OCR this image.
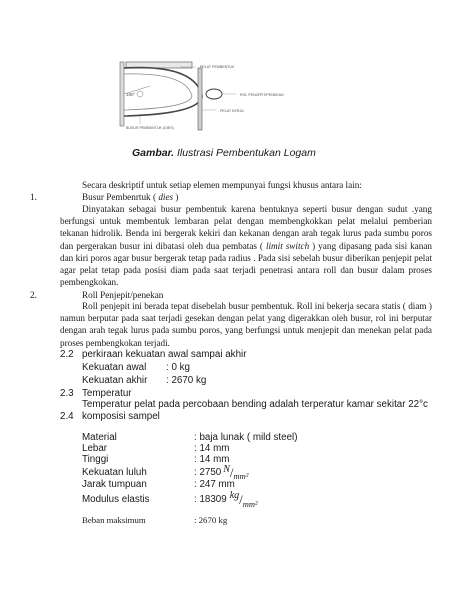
PELAT PEMBENTUK
ROL PENJEPIT/PENEKAN
PELAT KERJA
BUSUR PEMBENTUK (DIES)
180°
Gambar. Ilustrasi Pembentukan Logam
Secara deskriptif untuk setiap elemen mempunyai fungsi khusus antara lain:
1.	Busur Pembenrtuk ( dies )
Dinyatakan sebagai busur pembentuk karena bentuknya seperti busur dengan sudut .yang berfungsi untuk membentuk lembaran pelat dengan membengkokkan pelat melalui pemberian tekanan hidrolik. Benda ini bergerak kekiri dan kekanan dengan arah tegak lurus pada sumbu poros dan pergerakan busur ini dibatasi oleh dua pembatas ( limit switch ) yang dipasang pada sisi kanan dan kiri poros agar busur bergerak tetap pada radius . Pada sisi sebelah busur diberikan penjepit pelat agar pelat tetap pada posisi diam pada saat terjadi penetrasi antara roll dan busur dalam proses pembengkokan.
2.	Roll Penjepit/penekan
Roll penjepit ini berada tepat disebelah busur pembentuk. Roll ini bekerja secara statis ( diam ) namun berputar pada saat terjadi gesekan dengan pelat yang digerakkan oleh busur, rol ini berputar dengan arah tegak lurus pada sumbu poros, yang berfungsi untuk menjepit dan menekan pelat pada proses pembengkokan terjadi.
2.2 perkiraan kekuatan awal sampai akhir
Kekuatan awal : 0 kg
Kekuatan akhir : 2670 kg
2.3 Temperatur
Temperatur pelat pada percobaan bending adalah terperatur kamar sekitar 22°c
2.4 komposisi sampel
Material	: baja lunak ( mild steel)
Lebar	: 14 mm
Tinggi	: 14 mm
Kekuatan luluh	: 2750 N / mm²
Jarak tumpuan	: 247 mm
Modulus elastis	: 18309 kg / mm²
Beban maksimum	: 2670 kg
